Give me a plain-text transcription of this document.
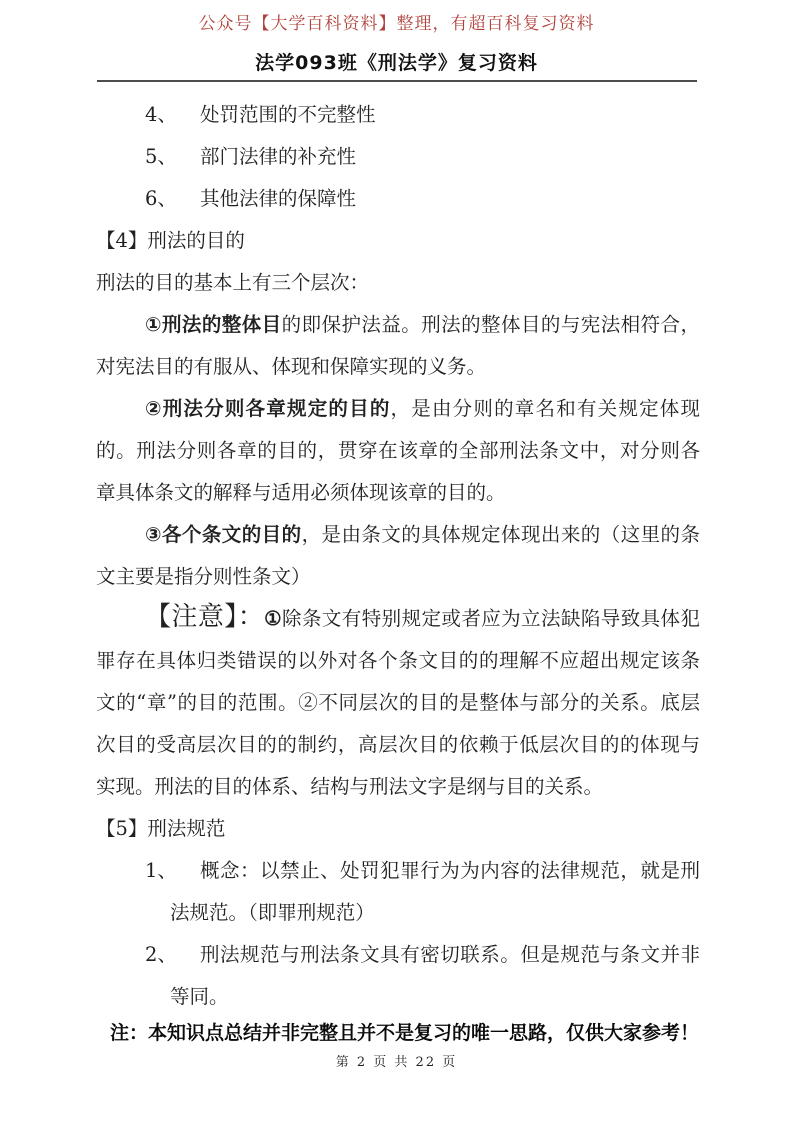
公众号【大学百科资料】整理，有超百科复习资料
法学093班《刑法学》复习资料

4、 处罚范围的不完整性

5、 部门法律的补充性

6、 其他法律的保障性

【4】刑法的目的

刑法的目的基本上有三个层次：

①刑法的整体目的即保护法益。刑法的整体目的与宪法相符合，对宪法目的有服从、体现和保障实现的义务。

②刑法分则各章规定的目的，是由分则的章名和有关规定体现的。刑法分则各章的目的，贯穿在该章的全部刑法条文中，对分则各章具体条文的解释与适用必须体现该章的目的。

③各个条文的目的，是由条文的具体规定体现出来的（这里的条文主要是指分则性条文）

【注意】：①除条文有特别规定或者应为立法缺陷导致具体犯罪存在具体归类错误的以外对各个条文目的的理解不应超出规定该条文的“章”的目的范围。②不同层次的目的是整体与部分的关系。底层次目的受高层次目的的制约，高层次目的依赖于低层次目的的体现与实现。刑法的目的体系、结构与刑法文字是纲与目的关系。

【5】刑法规范

1、 概念：以禁止、处罚犯罪行为为内容的法律规范，就是刑法规范。（即罪刑规范）

2、 刑法规范与刑法条文具有密切联系。但是规范与条文并非等同。

注：本知识点总结并非完整且并不是复习的唯一思路，仅供大家参考！
第 2 页 共 22 页
